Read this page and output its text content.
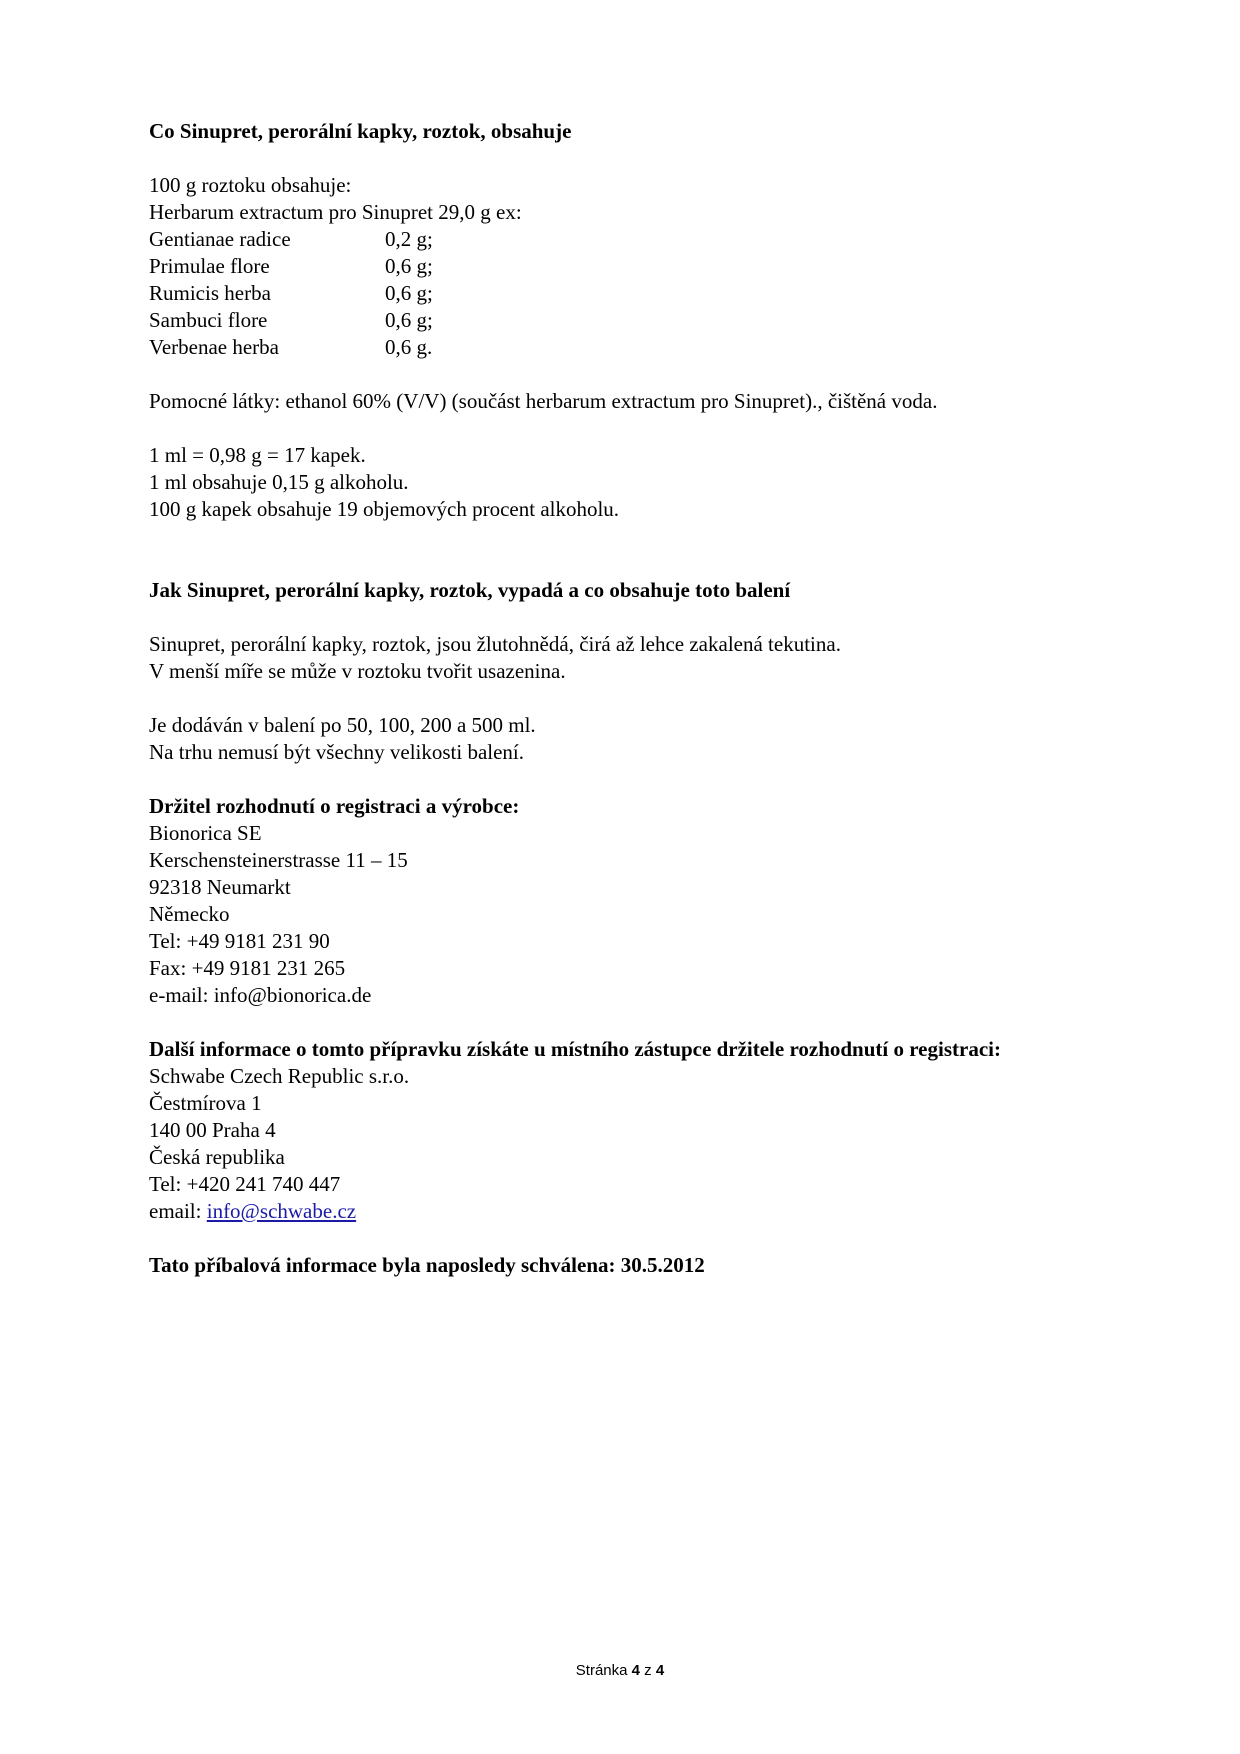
Co Sinupret, perorální kapky, roztok, obsahuje

100 g roztoku obsahuje:

Herbarum extractum pro Sinupret 29,0 g ex:

Gentianae radice	0,2 g;
Primulae flore	0,6 g;
Rumicis herba	0,6 g;
Sambuci flore	0,6 g;
Verbenae herba	0,6 g.

Pomocné látky: ethanol 60% (V/V) (součást herbarum extractum pro Sinupret)., čištěná voda.

1 ml = 0,98 g = 17 kapek.

1 ml obsahuje 0,15 g alkoholu.

100 g kapek obsahuje 19 objemových procent alkoholu.

Jak Sinupret, perorální kapky, roztok, vypadá a co obsahuje toto balení

Sinupret, perorální kapky, roztok, jsou žlutohnědá, čirá až lehce zakalená tekutina.

V menší míře se může v roztoku tvořit usazenina.

Je dodáván v balení po 50, 100, 200 a 500 ml.

Na trhu nemusí být všechny velikosti balení.

Držitel rozhodnutí o registraci a výrobce:

Bionorica SE

Kerschensteinerstrasse 11 – 15

92318 Neumarkt

Německo

Tel: +49 9181 231 90

Fax: +49 9181 231 265

e-mail: info@bionorica.de

Další informace o tomto přípravku získáte u místního zástupce držitele rozhodnutí o registraci:

Schwabe Czech Republic s.r.o.

Čestmírova 1

140 00 Praha 4

Česká republika

Tel: +420 241 740 447

email: info@schwabe.cz

Tato příbalová informace byla naposledy schválena: 30.5.2012

Stránka 4 z 4
